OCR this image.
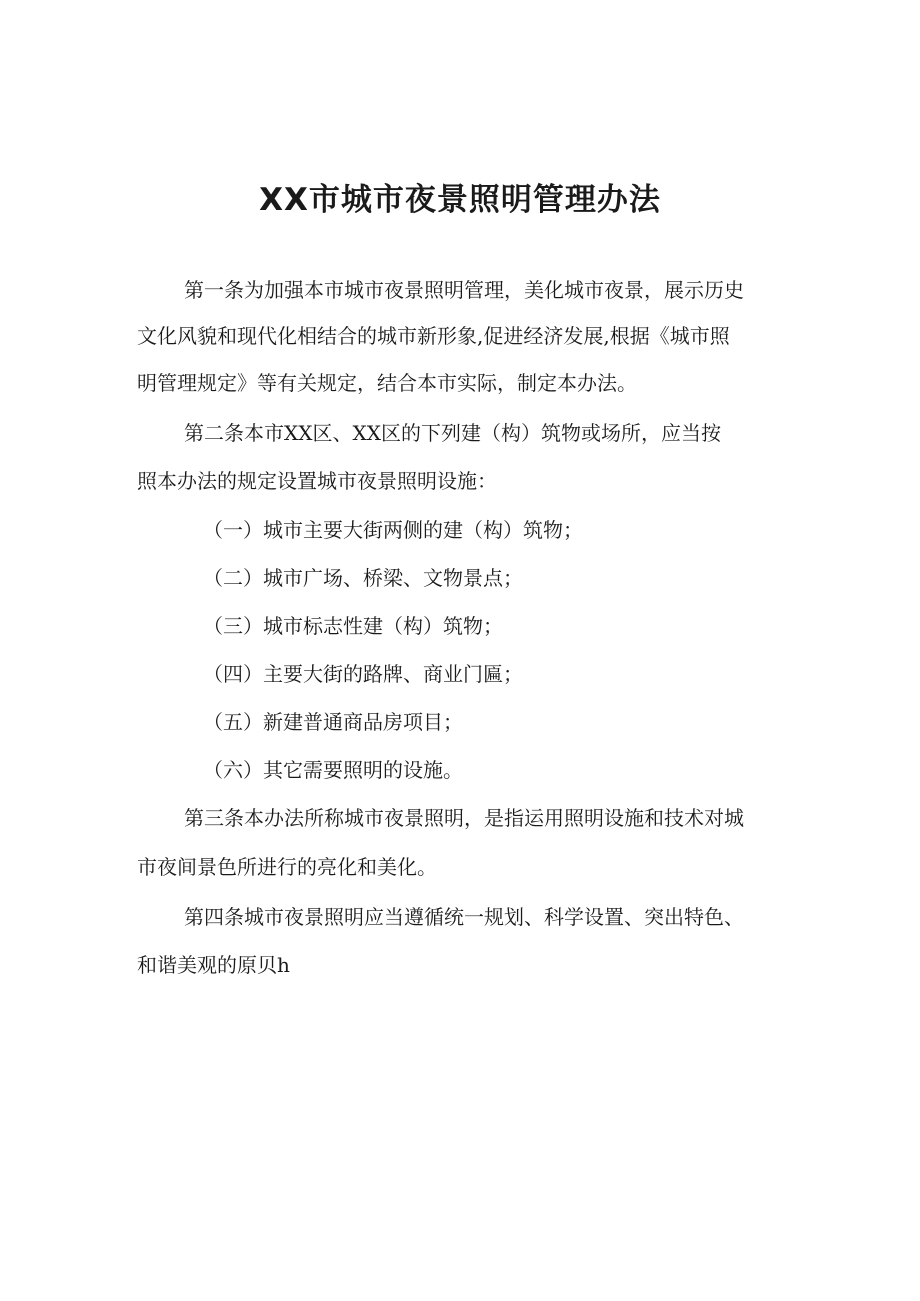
XX市城市夜景照明管理办法

第一条为加强本市城市夜景照明管理，美化城市夜景，展示历史

文化风貌和现代化相结合的城市新形象,促进经济发展,根据《城市照

明管理规定》等有关规定，结合本市实际，制定本办法。

第二条本市XX区、XX区的下列建（构）筑物或场所，应当按

照本办法的规定设置城市夜景照明设施：

（一）城市主要大街两侧的建（构）筑物；

（二）城市广场、桥梁、文物景点；

（三）城市标志性建（构）筑物；

（四）主要大街的路牌、商业门匾；

（五）新建普通商品房项目；

（六）其它需要照明的设施。

第三条本办法所称城市夜景照明，是指运用照明设施和技术对城

市夜间景色所进行的亮化和美化。

第四条城市夜景照明应当遵循统一规划、科学设置、突出特色、

和谐美观的原贝h
